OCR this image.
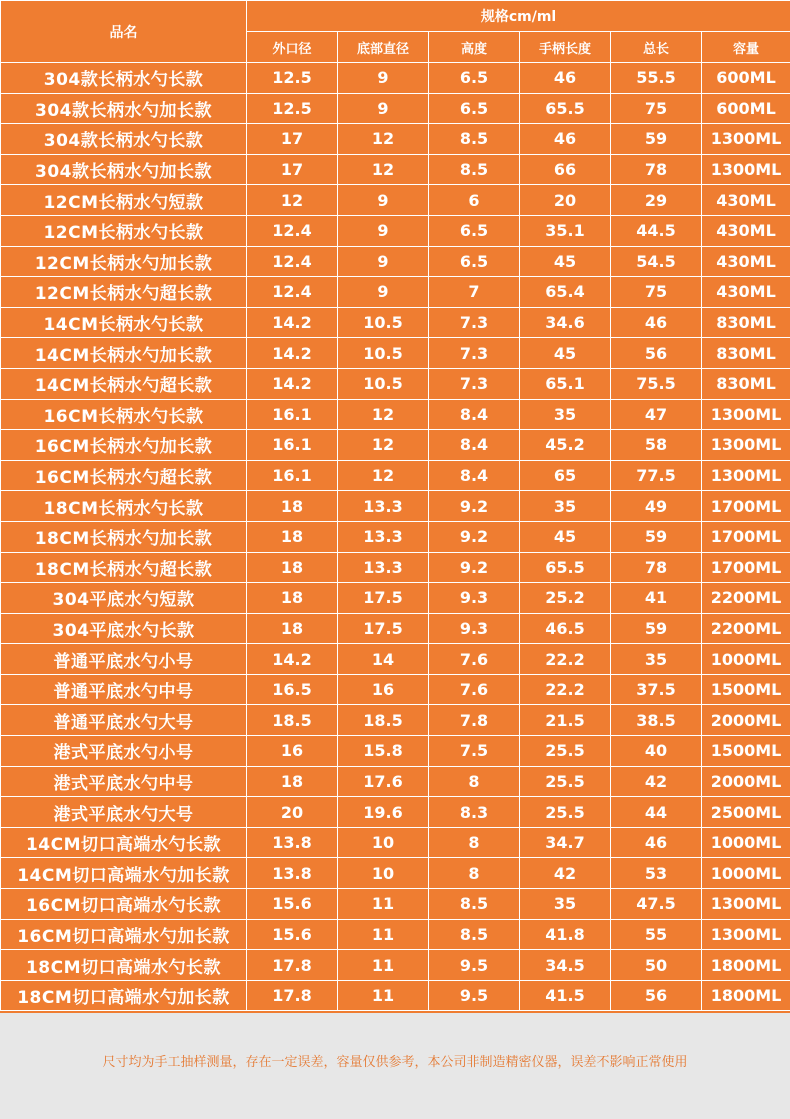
品名	规格cm/ml					
	外口径	底部直径	高度	手柄长度	总长	容量
304款长柄水勺长款	12.5	9	6.5	46	55.5	600ML
304款长柄水勺加长款	12.5	9	6.5	65.5	75	600ML
304款长柄水勺长款	17	12	8.5	46	59	1300ML
304款长柄水勺加长款	17	12	8.5	66	78	1300ML
12CM长柄水勺短款	12	9	6	20	29	430ML
12CM长柄水勺长款	12.4	9	6.5	35.1	44.5	430ML
12CM长柄水勺加长款	12.4	9	6.5	45	54.5	430ML
12CM长柄水勺超长款	12.4	9	7	65.4	75	430ML
14CM长柄水勺长款	14.2	10.5	7.3	34.6	46	830ML
14CM长柄水勺加长款	14.2	10.5	7.3	45	56	830ML
14CM长柄水勺超长款	14.2	10.5	7.3	65.1	75.5	830ML
16CM长柄水勺长款	16.1	12	8.4	35	47	1300ML
16CM长柄水勺加长款	16.1	12	8.4	45.2	58	1300ML
16CM长柄水勺超长款	16.1	12	8.4	65	77.5	1300ML
18CM长柄水勺长款	18	13.3	9.2	35	49	1700ML
18CM长柄水勺加长款	18	13.3	9.2	45	59	1700ML
18CM长柄水勺超长款	18	13.3	9.2	65.5	78	1700ML
304平底水勺短款	18	17.5	9.3	25.2	41	2200ML
304平底水勺长款	18	17.5	9.3	46.5	59	2200ML
普通平底水勺小号	14.2	14	7.6	22.2	35	1000ML
普通平底水勺中号	16.5	16	7.6	22.2	37.5	1500ML
普通平底水勺大号	18.5	18.5	7.8	21.5	38.5	2000ML
港式平底水勺小号	16	15.8	7.5	25.5	40	1500ML
港式平底水勺中号	18	17.6	8	25.5	42	2000ML
港式平底水勺大号	20	19.6	8.3	25.5	44	2500ML
14CM切口高端水勺长款	13.8	10	8	34.7	46	1000ML
14CM切口高端水勺加长款	13.8	10	8	42	53	1000ML
16CM切口高端水勺长款	15.6	11	8.5	35	47.5	1300ML
16CM切口高端水勺加长款	15.6	11	8.5	41.8	55	1300ML
18CM切口高端水勺长款	17.8	11	9.5	34.5	50	1800ML
18CM切口高端水勺加长款	17.8	11	9.5	41.5	56	1800ML
尺寸均为手工抽样测量，存在一定误差，容量仅供参考，本公司非制造精密仪器，误差不影响正常使用
